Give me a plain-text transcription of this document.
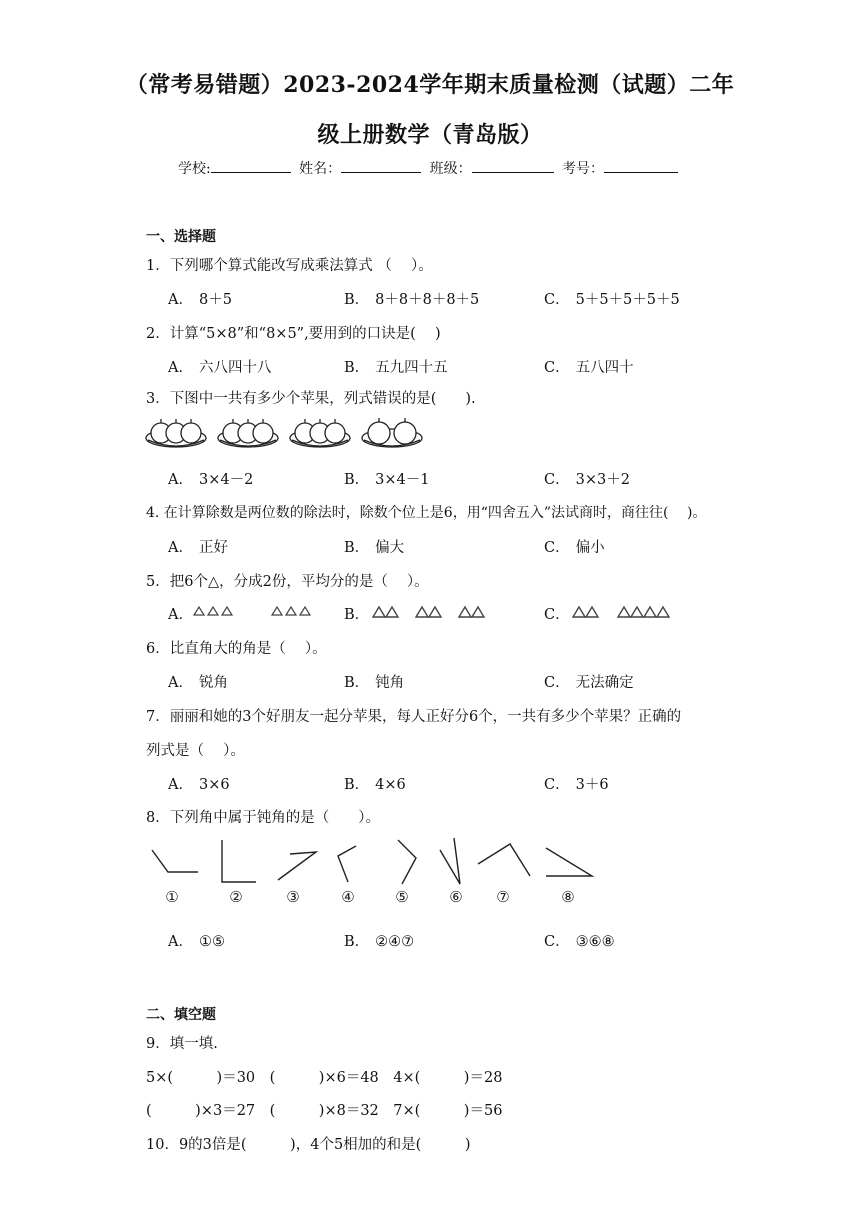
（常考易错题）2023-2024学年期末质量检测（试题）二年
级上册数学（青岛版）
学校:	姓名：	班级：	考号：
一、选择题
1．下列哪个算式能改写成乘法算式 （　 ）。
A． 8＋5	B． 8＋8＋8＋8＋5	C． 5＋5＋5＋5＋5
2．计算“5×8”和“8×5”,要用到的口诀是(　 )
A． 六八四十八	B． 五九四十五	C． 五八四十
3．下图中一共有多少个苹果，列式错误的是(　　).
A． 3×4－2	B． 3×4－1	C． 3×3＋2
4. 在计算除数是两位数的除法时，除数个位上是6，用“四舍五入”法试商时，商往往(　 )。
A． 正好	B． 偏大	C． 偏小
5．把6个△，分成2份，平均分的是（　 ）。
A．	B．	C．
6．比直角大的角是（　 ）。
A． 锐角	B． 钝角	C． 无法确定
7．丽丽和她的3个好朋友一起分苹果，每人正好分6个，一共有多少个苹果？正确的
列式是（　 ）。
A． 3×6	B． 4×6	C． 3＋6
8．下列角中属于钝角的是（　　）。
①	②	③	④	⑤	⑥ ⑦	⑧
A． ①⑤	B． ②④⑦	C． ③⑥⑧
二、填空题
9．填一填.
5×(　　　)＝30　(　　　)×6＝48　4×(　　　)＝28
(　　　)×3＝27　(　　　)×8＝32　7×(　　　)＝56
10．9的3倍是(　　　)，4个5相加的和是(　　　)
